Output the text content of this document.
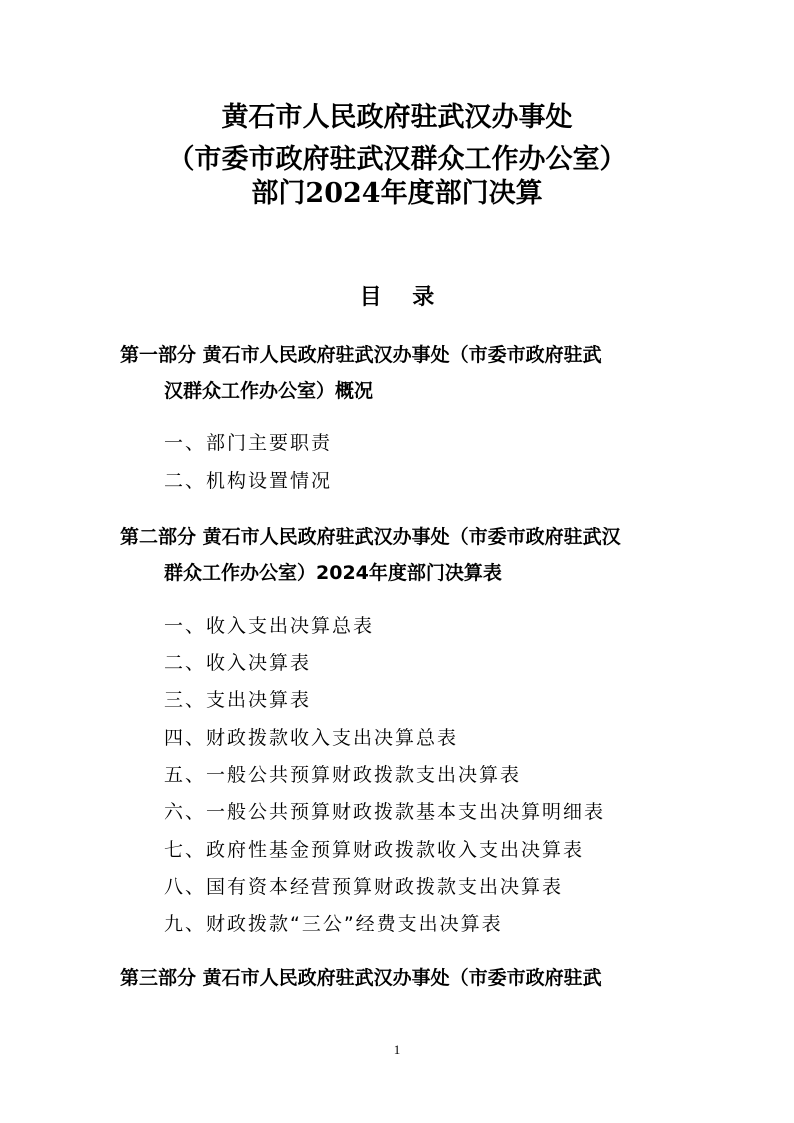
黄石市人民政府驻武汉办事处
（市委市政府驻武汉群众工作办公室）
部门2024年度部门决算
目    录
第一部分 黄石市人民政府驻武汉办事处（市委市政府驻武
汉群众工作办公室）概况
一、部门主要职责
二、机构设置情况
第二部分 黄石市人民政府驻武汉办事处（市委市政府驻武汉
群众工作办公室）2024年度部门决算表
一、收入支出决算总表
二、收入决算表
三、支出决算表
四、财政拨款收入支出决算总表
五、一般公共预算财政拨款支出决算表
六、一般公共预算财政拨款基本支出决算明细表
七、政府性基金预算财政拨款收入支出决算表
八、国有资本经营预算财政拨款支出决算表
九、财政拨款“三公”经费支出决算表
第三部分 黄石市人民政府驻武汉办事处（市委市政府驻武
1
